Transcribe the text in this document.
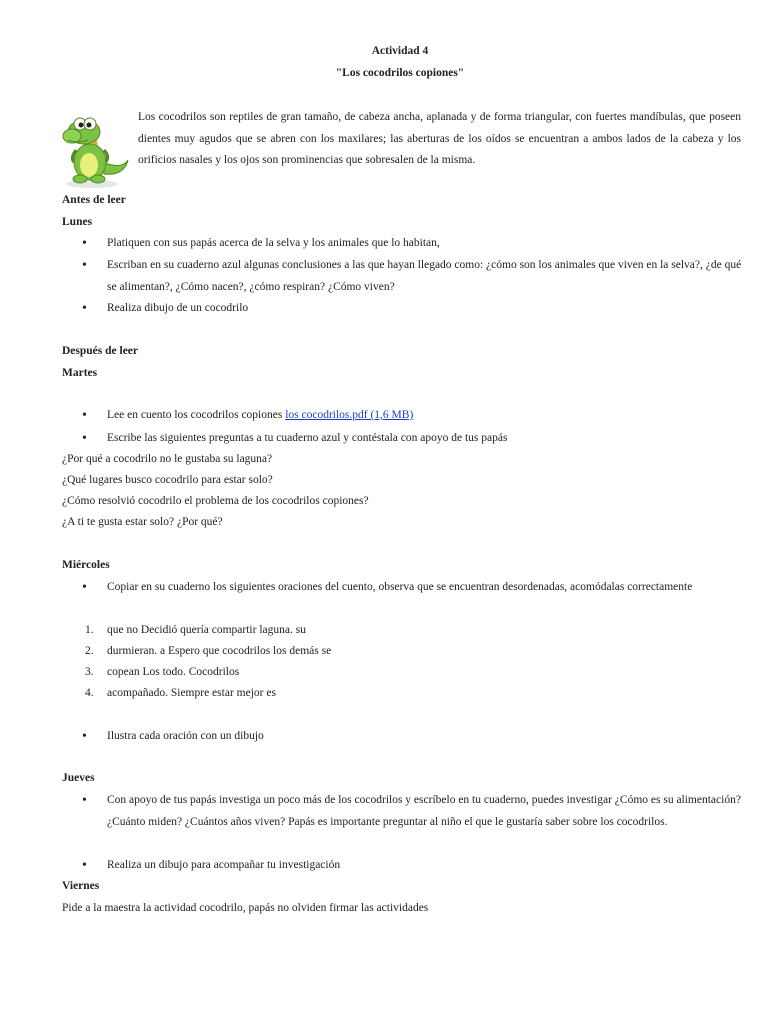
Actividad 4
"Los cocodrilos copiones"
Los cocodrilos son reptiles de gran tamaño, de cabeza ancha, aplanada y de forma triangular, con fuertes mandíbulas, que poseen dientes muy agudos que se abren con los maxilares; las aberturas de los oídos se encuentran a ambos lados de la cabeza y los orificios nasales y los ojos son prominencias que sobresalen de la misma.
Antes de leer
Lunes
• Platiquen con sus papás acerca de la selva y los animales que lo habitan,
• Escriban en su cuaderno azul algunas conclusiones a las que hayan llegado como: ¿cómo son los animales que viven en la selva?, ¿de qué se alimentan?, ¿Cómo nacen?, ¿cómo respiran? ¿Cómo viven?
• Realiza dibujo de un cocodrilo
Después de leer
Martes
• Lee en cuento los cocodrilos copiones los cocodrilos.pdf (1,6 MB)
• Escribe las siguientes preguntas a tu cuaderno azul y contéstala con apoyo de tus papás
¿Por qué a cocodrilo no le gustaba su laguna?
¿Qué lugares busco cocodrilo para estar solo?
¿Cómo resolvió cocodrilo el problema de los cocodrilos copiones?
¿A ti te gusta estar solo? ¿Por qué?
Miércoles
• Copiar en su cuaderno los siguientes oraciones del cuento, observa que se encuentran desordenadas, acomódalas correctamente
1. que no Decidió quería compartir laguna. su
2. durmieran. a Espero que cocodrilos los demás se
3. copean Los todo. Cocodrilos
4. acompañado. Siempre estar mejor es
• Ilustra cada oración con un dibujo
Jueves
• Con apoyo de tus papás investiga un poco más de los cocodrilos y escríbelo en tu cuaderno, puedes investigar ¿Cómo es su alimentación? ¿Cuánto miden? ¿Cuántos años viven? Papás es importante preguntar al niño el que le gustaría saber sobre los cocodrilos.
• Realiza un dibujo para acompañar tu investigación
Viernes
Pide a la maestra la actividad cocodrilo, papás no olviden firmar las actividades
